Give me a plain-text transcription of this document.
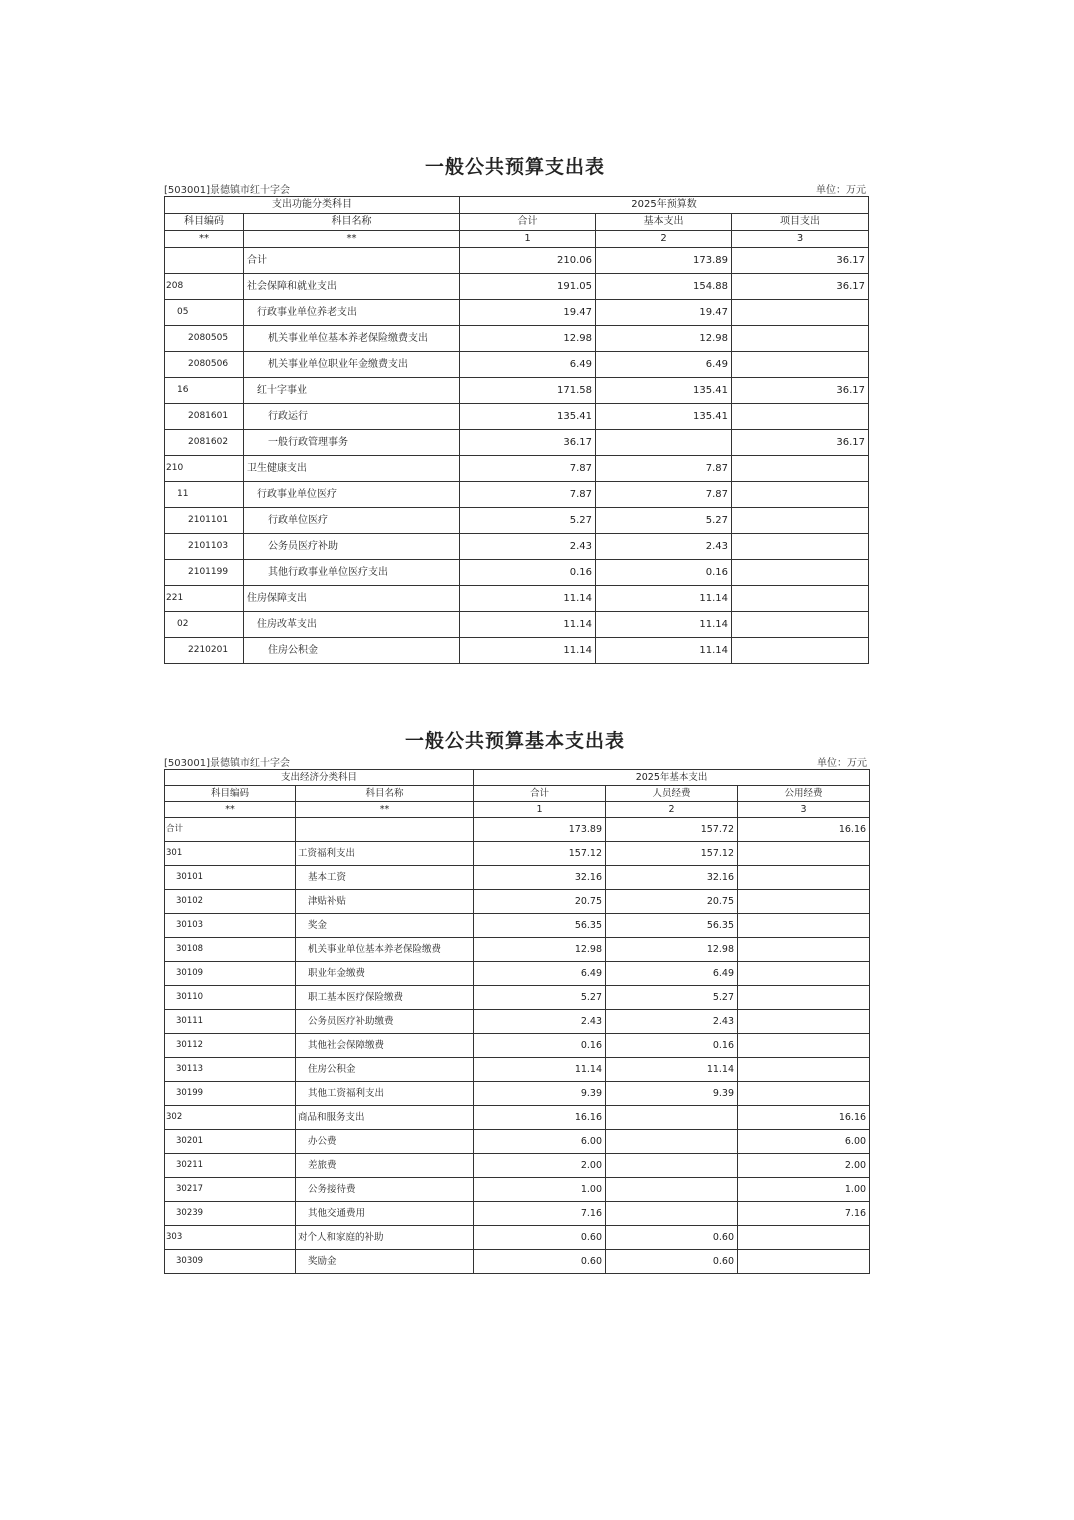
一般公共预算支出表
[503001]景德镇市红十字会	单位：万元
支出功能分类科目		2025年预算数		
科目编码	科目名称	合计	基本支出	项目支出
**	**	1	2	3
	合计	210.06	173.89	36.17
208	社会保障和就业支出	191.05	154.88	36.17
05	行政事业单位养老支出	19.47	19.47	
2080505	机关事业单位基本养老保险缴费支出	12.98	12.98	
2080506	机关事业单位职业年金缴费支出	6.49	6.49	
16	红十字事业	171.58	135.41	36.17
2081601	行政运行	135.41	135.41	
2081602	一般行政管理事务	36.17		36.17
210	卫生健康支出	7.87	7.87	
11	行政事业单位医疗	7.87	7.87	
2101101	行政单位医疗	5.27	5.27	
2101103	公务员医疗补助	2.43	2.43	
2101199	其他行政事业单位医疗支出	0.16	0.16	
221	住房保障支出	11.14	11.14	
02	住房改革支出	11.14	11.14	
2210201	住房公积金	11.14	11.14	
一般公共预算基本支出表
[503001]景德镇市红十字会	单位：万元
支出经济分类科目		2025年基本支出		
科目编码	科目名称	合计	人员经费	公用经费
**	**	1	2	3
合计		173.89	157.72	16.16
301	工资福利支出	157.12	157.12	
30101	基本工资	32.16	32.16	
30102	津贴补贴	20.75	20.75	
30103	奖金	56.35	56.35	
30108	机关事业单位基本养老保险缴费	12.98	12.98	
30109	职业年金缴费	6.49	6.49	
30110	职工基本医疗保险缴费	5.27	5.27	
30111	公务员医疗补助缴费	2.43	2.43	
30112	其他社会保障缴费	0.16	0.16	
30113	住房公积金	11.14	11.14	
30199	其他工资福利支出	9.39	9.39	
302	商品和服务支出	16.16		16.16
30201	办公费	6.00		6.00
30211	差旅费	2.00		2.00
30217	公务接待费	1.00		1.00
30239	其他交通费用	7.16		7.16
303	对个人和家庭的补助	0.60	0.60	
30309	奖励金	0.60	0.60	
